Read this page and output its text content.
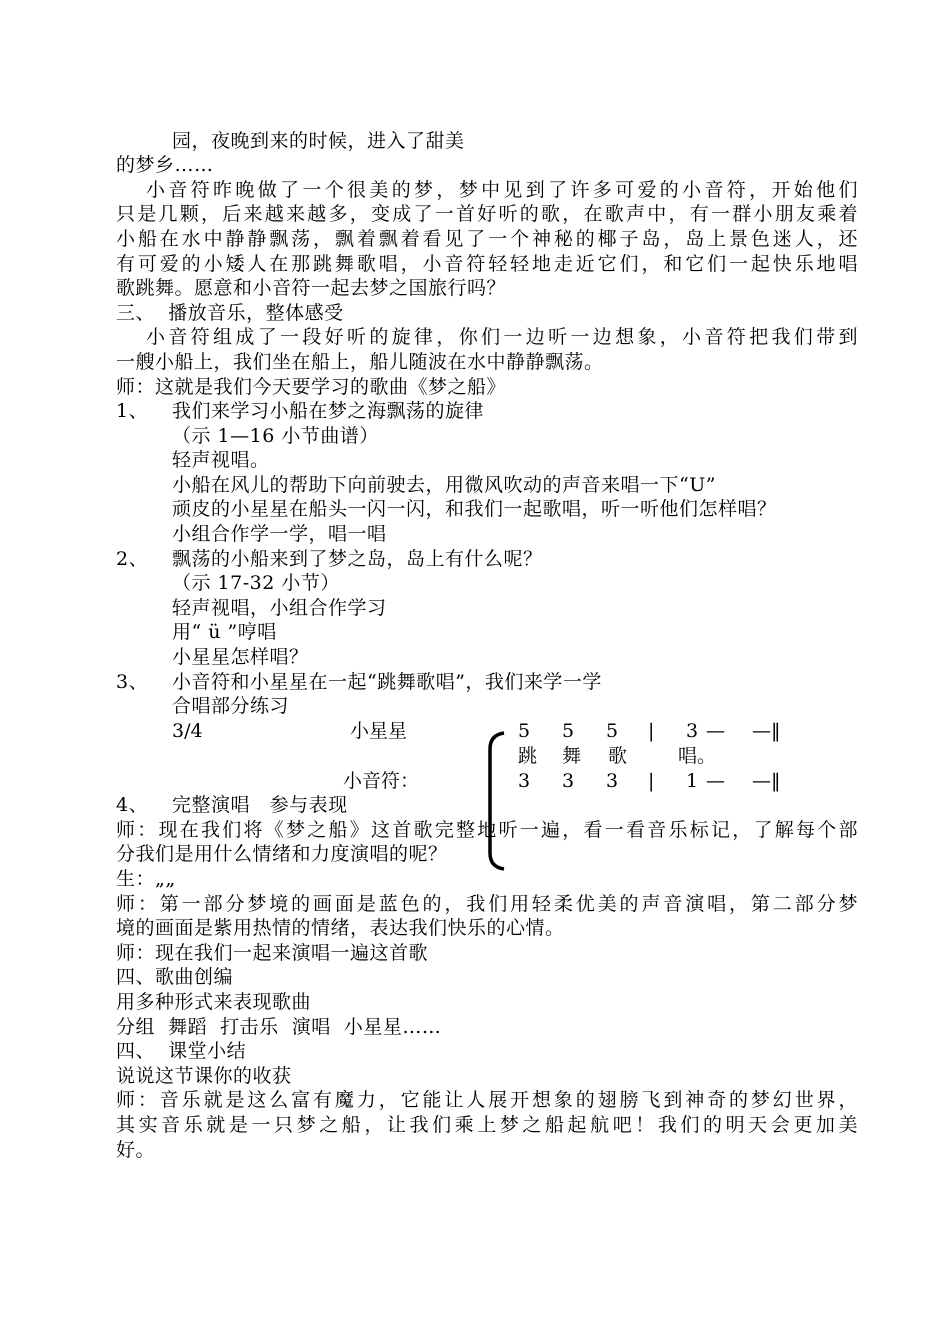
园，夜晚到来的时候，进入了甜美
的梦乡……
小音符昨晚做了一个很美的梦，梦中见到了许多可爱的小音符，开始他们
只是几颗，后来越来越多，变成了一首好听的歌，在歌声中，有一群小朋友乘着
小船在水中静静飘荡，飘着飘着看见了一个神秘的椰子岛，岛上景色迷人，还
有可爱的小矮人在那跳舞歌唱，小音符轻轻地走近它们，和它们一起快乐地唱
歌跳舞。愿意和小音符一起去梦之国旅行吗？
三、  播放音乐，整体感受
小音符组成了一段好听的旋律，你们一边听一边想象，小音符把我们带到
一艘小船上，我们坐在船上，船儿随波在水中静静飘荡。
师：这就是我们今天要学习的歌曲《梦之船》
1、 我们来学习小船在梦之海飘荡的旋律
（示 1—16 小节曲谱）
轻声视唱。
小船在风儿的帮助下向前驶去，用微风吹动的声音来唱一下“U”
顽皮的小星星在船头一闪一闪，和我们一起歌唱，听一听他们怎样唱？
小组合作学一学，唱一唱
2、 飘荡的小船来到了梦之岛，岛上有什么呢？
（示 17-32 小节）
轻声视唱，小组合作学习
用“ ü ”哼唱
小星星怎样唱？
3、 小音符和小星星在一起“跳舞歌唱”，我们来学一学
合唱部分练习
3/4	小星星
小音符：
5 5 5 | 3 — —‖
跳 舞 歌	唱。
3 3 3 | 1 — —‖
4、 完整演唱   参与表现
师：现在我们将《梦之船》这首歌完整地听一遍，看一看音乐标记，了解每个部
分我们是用什么情绪和力度演唱的呢？
生：„„
师：第一部分梦境的画面是蓝色的，我们用轻柔优美的声音演唱，第二部分梦
境的画面是紫用热情的情绪，表达我们快乐的心情。
师：现在我们一起来演唱一遍这首歌
四、歌曲创编
用多种形式来表现歌曲
分组  舞蹈  打击乐  演唱  小星星……
四、  课堂小结
说说这节课你的收获
师：音乐就是这么富有魔力，它能让人展开想象的翅膀飞到神奇的梦幻世界，
其实音乐就是一只梦之船，让我们乘上梦之船起航吧！我们的明天会更加美
好。
